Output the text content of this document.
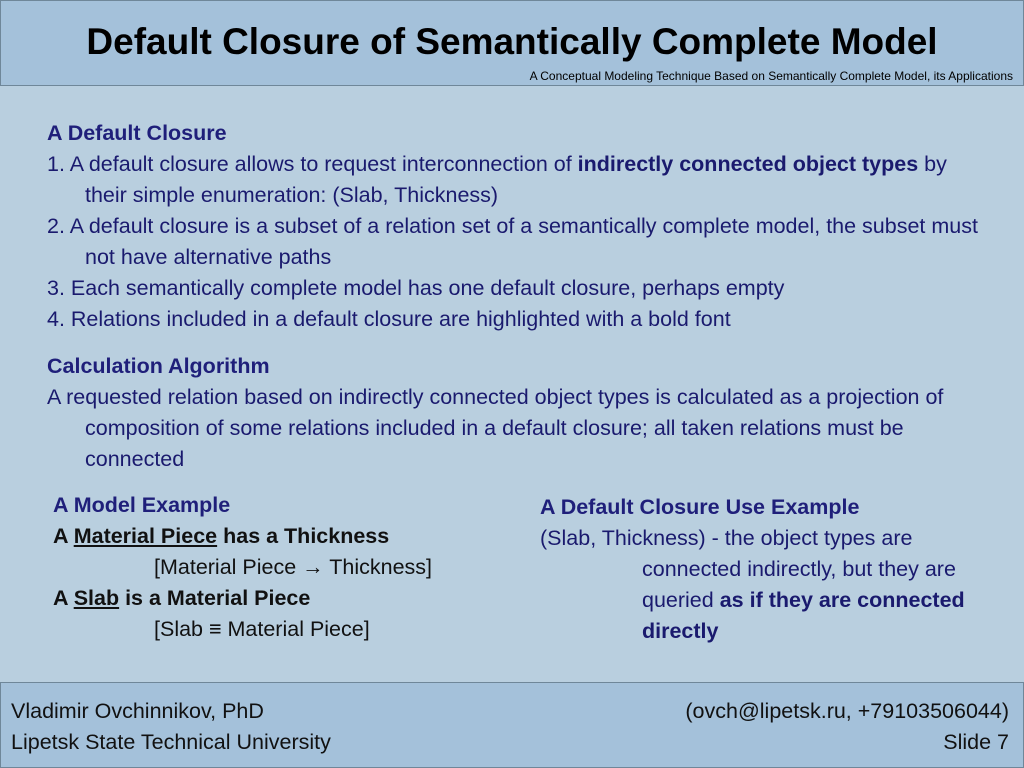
Default Closure of Semantically Complete Model
A Conceptual Modeling Technique Based on Semantically Complete Model, its Applications
A Default Closure
1. A default closure allows to request interconnection of indirectly connected object types by their simple enumeration: (Slab, Thickness)
2. A default closure is a subset of a relation set of a semantically complete model, the subset must not have alternative paths
3. Each semantically complete model has one default closure, perhaps empty
4. Relations included in a default closure are highlighted with a bold font
Calculation Algorithm
A requested relation based on indirectly connected object types is calculated as a projection of composition of some relations included in a default closure; all taken relations must be connected
A Model Example
A Material Piece has a Thickness
[Material Piece → Thickness]
A Slab is a Material Piece
[Slab ≡ Material Piece]
A Default Closure Use Example
(Slab, Thickness) - the object types are connected indirectly, but they are queried as if they are connected directly
Vladimir Ovchinnikov, PhD
Lipetsk State Technical University
(ovch@lipetsk.ru, +79103506044)
Slide 7
